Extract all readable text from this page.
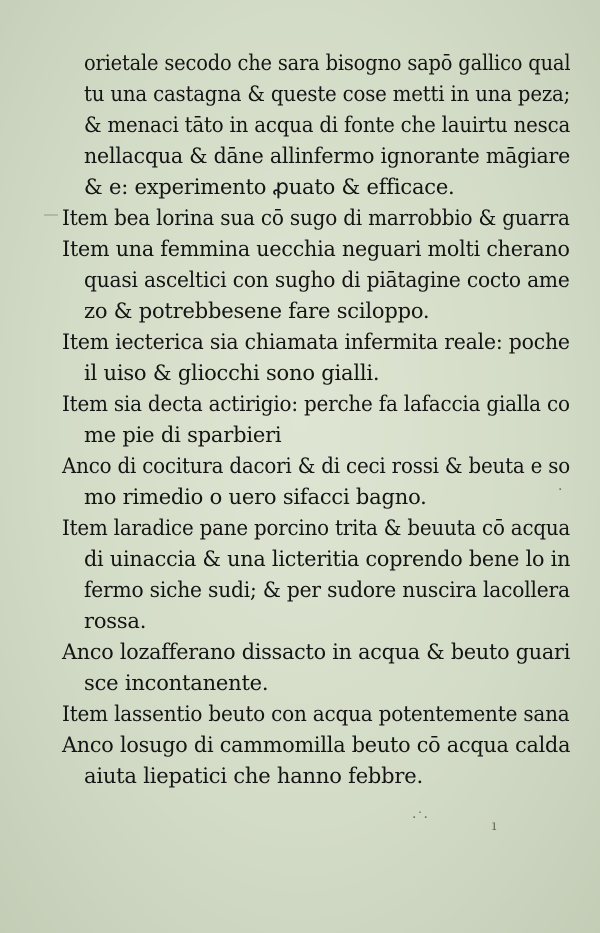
orietale secodo che sara bisogno sapō gallico qual
tu una castagna & queste cose metti in una peza;
& menaci tāto in acqua di fonte che lauirtu nesca
nellacqua & dāne allinfermo ignorante māgiare
& e: experimento ꝓuato & efficace.
Item bea lorina sua cō sugo di marrobbio & guarra
Item una femmina uecchia neguari molti cherano
quasi asceltici con sugho di piātagine cocto ame
zo & potrebbesene fare sciloppo.
Item iecterica sia chiamata infermita reale: poche
il uiso & gliocchi sono gialli.
Item sia decta actirigio: perche fa lafaccia gialla co
me pie di sparbieri
Anco di cocitura dacori & di ceci rossi & beuta e so
mo rimedio o uero sifacci bagno.
Item laradice pane porcino trita & beuuta cō acqua
di uinaccia & una licteritia coprendo bene lo in
fermo siche sudi; & per sudore nuscira lacollera
rossa.
Anco lozafferano dissacto in acqua & beuto guari
sce incontanente.
Item lassentio beuto con acqua potentemente sana
Anco losugo di cammomilla beuto cō acqua calda
aiuta liepatici che hanno febbre.
·˙·	ı
·
